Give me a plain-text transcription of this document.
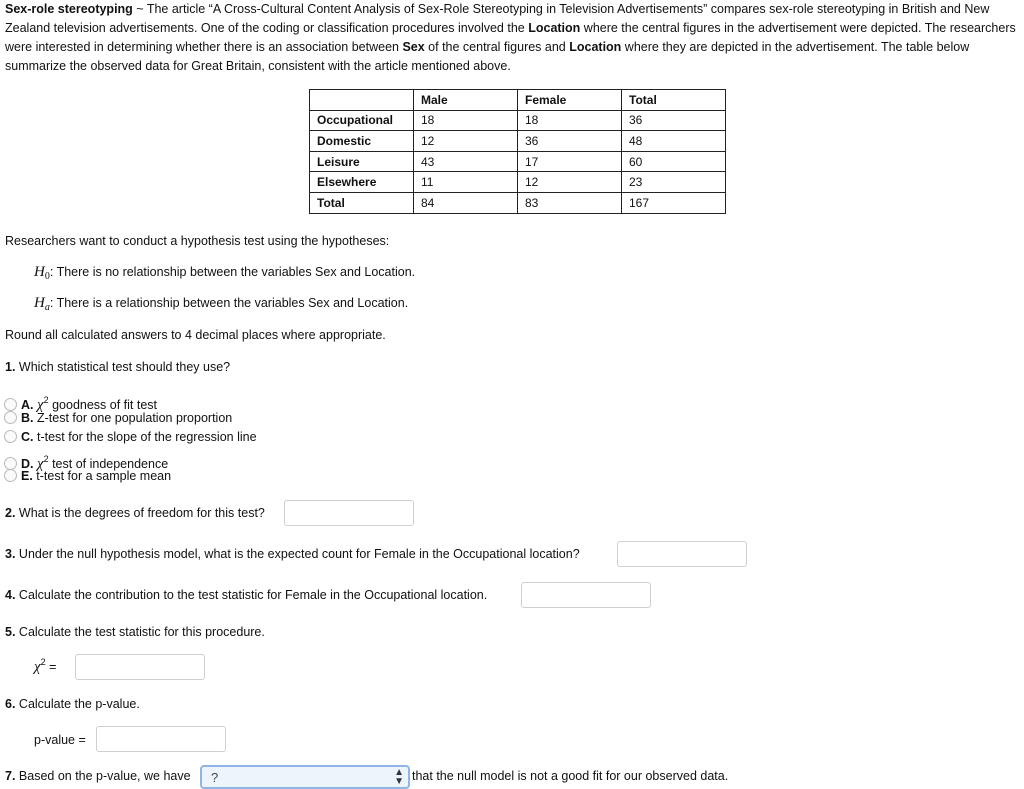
Sex-role stereotyping ~ The article “A Cross-Cultural Content Analysis of Sex-Role Stereotyping in Television Advertisements” compares sex-role stereotyping in British and New Zealand television advertisements. One of the coding or classification procedures involved the Location where the central figures in the advertisement were depicted. The researchers were interested in determining whether there is an association between Sex of the central figures and Location where they are depicted in the advertisement. The table below summarize the observed data for Great Britain, consistent with the article mentioned above.
	Male	Female	Total
Occupational	18	18	36
Domestic	12	36	48
Leisure	43	17	60
Elsewhere	11	12	23
Total	84	83	167
Researchers want to conduct a hypothesis test using the hypotheses:
$H_0$: There is no relationship between the variables Sex and Location.
$H_a$: There is a relationship between the variables Sex and Location.
Round all calculated answers to 4 decimal places where appropriate.
1. Which statistical test should they use?
A. $\chi^2$ goodness of fit test
B. Z-test for one population proportion
C. t-test for the slope of the regression line
D. $\chi^2$ test of independence
E. t-test for a sample mean
2. What is the degrees of freedom for this test?
3. Under the null hypothesis model, what is the expected count for Female in the Occupational location?
4. Calculate the contribution to the test statistic for Female in the Occupational location.
5. Calculate the test statistic for this procedure.
$\chi^2$ =
6. Calculate the p-value.
p-value =
7. Based on the p-value, we have ?	▲
▼ that the null model is not a good fit for our observed data.
